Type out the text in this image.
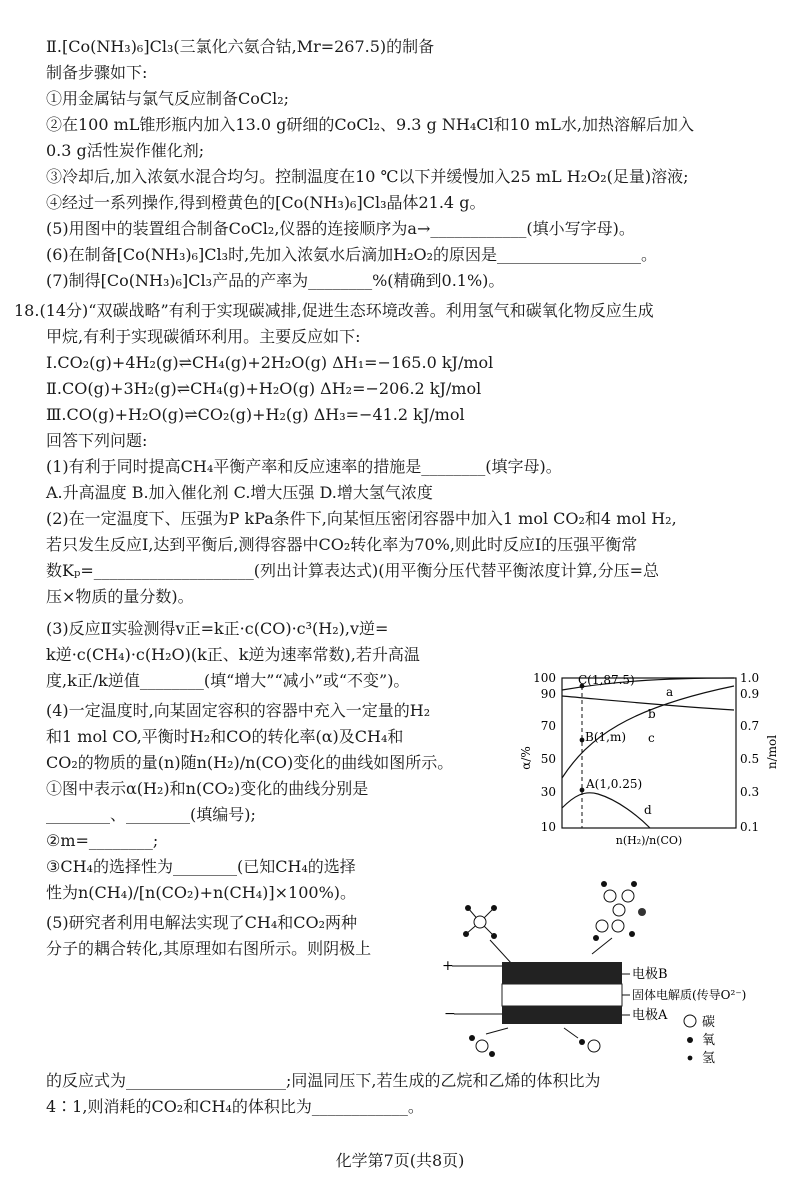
Ⅱ.[Co(NH₃)₆]Cl₃(三氯化六氨合钴,Mr=267.5)的制备
制备步骤如下:
①用金属钴与氯气反应制备CoCl₂;
②在100 mL锥形瓶内加入13.0 g研细的CoCl₂、9.3 g NH₄Cl和10 mL水,加热溶解后加入
0.3 g活性炭作催化剂;
③冷却后,加入浓氨水混合均匀。控制温度在10 ℃以下并缓慢加入25 mL H₂O₂(足量)溶液;
④经过一系列操作,得到橙黄色的[Co(NH₃)₆]Cl₃晶体21.4 g。
(5)用图中的装置组合制备CoCl₂,仪器的连接顺序为a→____________(填小写字母)。
(6)在制备[Co(NH₃)₆]Cl₃时,先加入浓氨水后滴加H₂O₂的原因是__________________。
(7)制得[Co(NH₃)₆]Cl₃产品的产率为________%(精确到0.1%)。
18.(14分)“双碳战略”有利于实现碳减排,促进生态环境改善。利用氢气和碳氧化物反应生成
甲烷,有利于实现碳循环利用。主要反应如下:
Ⅰ.CO₂(g)+4H₂(g)⇌CH₄(g)+2H₂O(g) ΔH₁=−165.0 kJ/mol
Ⅱ.CO(g)+3H₂(g)⇌CH₄(g)+H₂O(g) ΔH₂=−206.2 kJ/mol
Ⅲ.CO(g)+H₂O(g)⇌CO₂(g)+H₂(g) ΔH₃=−41.2 kJ/mol
回答下列问题:
(1)有利于同时提高CH₄平衡产率和反应速率的措施是________(填字母)。
A.升高温度 B.加入催化剂 C.增大压强 D.增大氢气浓度
(2)在一定温度下、压强为P kPa条件下,向某恒压密闭容器中加入1 mol CO₂和4 mol H₂,
若只发生反应Ⅰ,达到平衡后,测得容器中CO₂转化率为70%,则此时反应Ⅰ的压强平衡常
数Kₚ=____________________(列出计算表达式)(用平衡分压代替平衡浓度计算,分压=总
压×物质的量分数)。
(3)反应Ⅱ实验测得v正=k正·c(CO)·c³(H₂),v逆=
k逆·c(CH₄)·c(H₂O)(k正、k逆为速率常数),若升高温
度,k正/k逆值________(填“增大”“减小”或“不变”)。
(4)一定温度时,向某固定容积的容器中充入一定量的H₂
和1 mol CO,平衡时H₂和CO的转化率(α)及CH₄和
CO₂的物质的量(n)随n(H₂)/n(CO)变化的曲线如图所示。
①图中表示α(H₂)和n(CO₂)变化的曲线分别是
________、________(填编号);
②m=________;
③CH₄的选择性为________(已知CH₄的选择
性为n(CH₄)/[n(CO₂)+n(CH₄)]×100%)。
(5)研究者利用电解法实现了CH₄和CO₂两种
分子的耦合转化,其原理如右图所示。则阴极上
的反应式为____________________;同温同压下,若生成的乙烷和乙烯的体积比为
4∶1,则消耗的CO₂和CH₄的体积比为____________。
100
90
70
50
30
10
1.0
0.9
0.7
0.5
0.3
0.1
α/%	n/mol
C(1,87.5)
B(1,m)
A(1,0.25)
a
b
c
d
n(H₂)/n(CO)
+
−
电极B
固体电解质(传导O²⁻)
电极A	碳
氧
氢
化学第7页(共8页)
